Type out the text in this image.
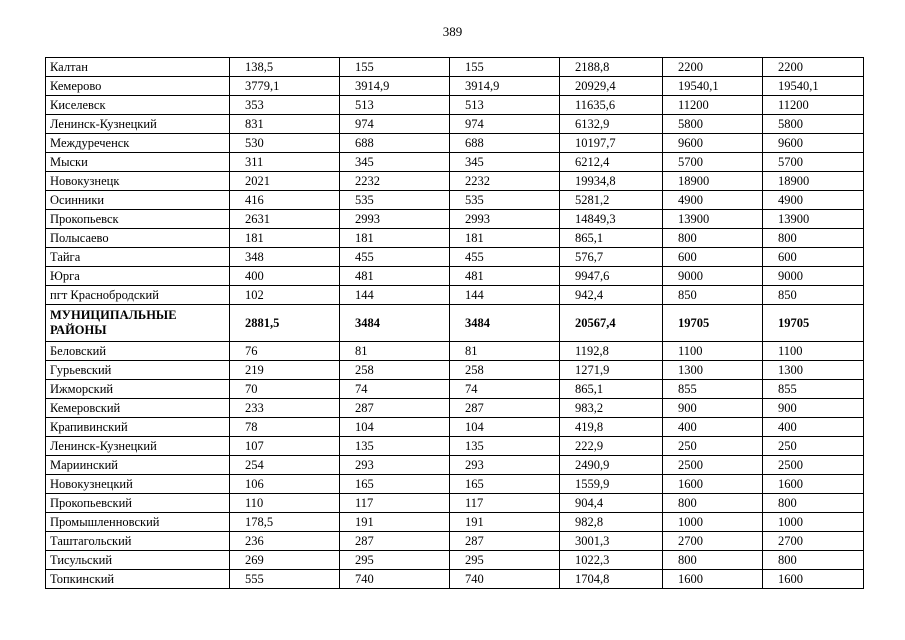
389
Калтан	138,5	155	155	2188,8	2200	2200
Кемерово	3779,1	3914,9	3914,9	20929,4	19540,1	19540,1
Киселевск	353	513	513	11635,6	11200	11200
Ленинск-Кузнецкий	831	974	974	6132,9	5800	5800
Междуреченск	530	688	688	10197,7	9600	9600
Мыски	311	345	345	6212,4	5700	5700
Новокузнецк	2021	2232	2232	19934,8	18900	18900
Осинники	416	535	535	5281,2	4900	4900
Прокопьевск	2631	2993	2993	14849,3	13900	13900
Полысаево	181	181	181	865,1	800	800
Тайга	348	455	455	576,7	600	600
Юрга	400	481	481	9947,6	9000	9000
пгт Краснобродский	102	144	144	942,4	850	850
МУНИЦИПАЛЬНЫЕ РАЙОНЫ	2881,5	3484	3484	20567,4	19705	19705
Беловский	76	81	81	1192,8	1100	1100
Гурьевский	219	258	258	1271,9	1300	1300
Ижморский	70	74	74	865,1	855	855
Кемеровский	233	287	287	983,2	900	900
Крапивинский	78	104	104	419,8	400	400
Ленинск-Кузнецкий	107	135	135	222,9	250	250
Мариинский	254	293	293	2490,9	2500	2500
Новокузнецкий	106	165	165	1559,9	1600	1600
Прокопьевский	110	117	117	904,4	800	800
Промышленновский	178,5	191	191	982,8	1000	1000
Таштагольский	236	287	287	3001,3	2700	2700
Тисульский	269	295	295	1022,3	800	800
Топкинский	555	740	740	1704,8	1600	1600
